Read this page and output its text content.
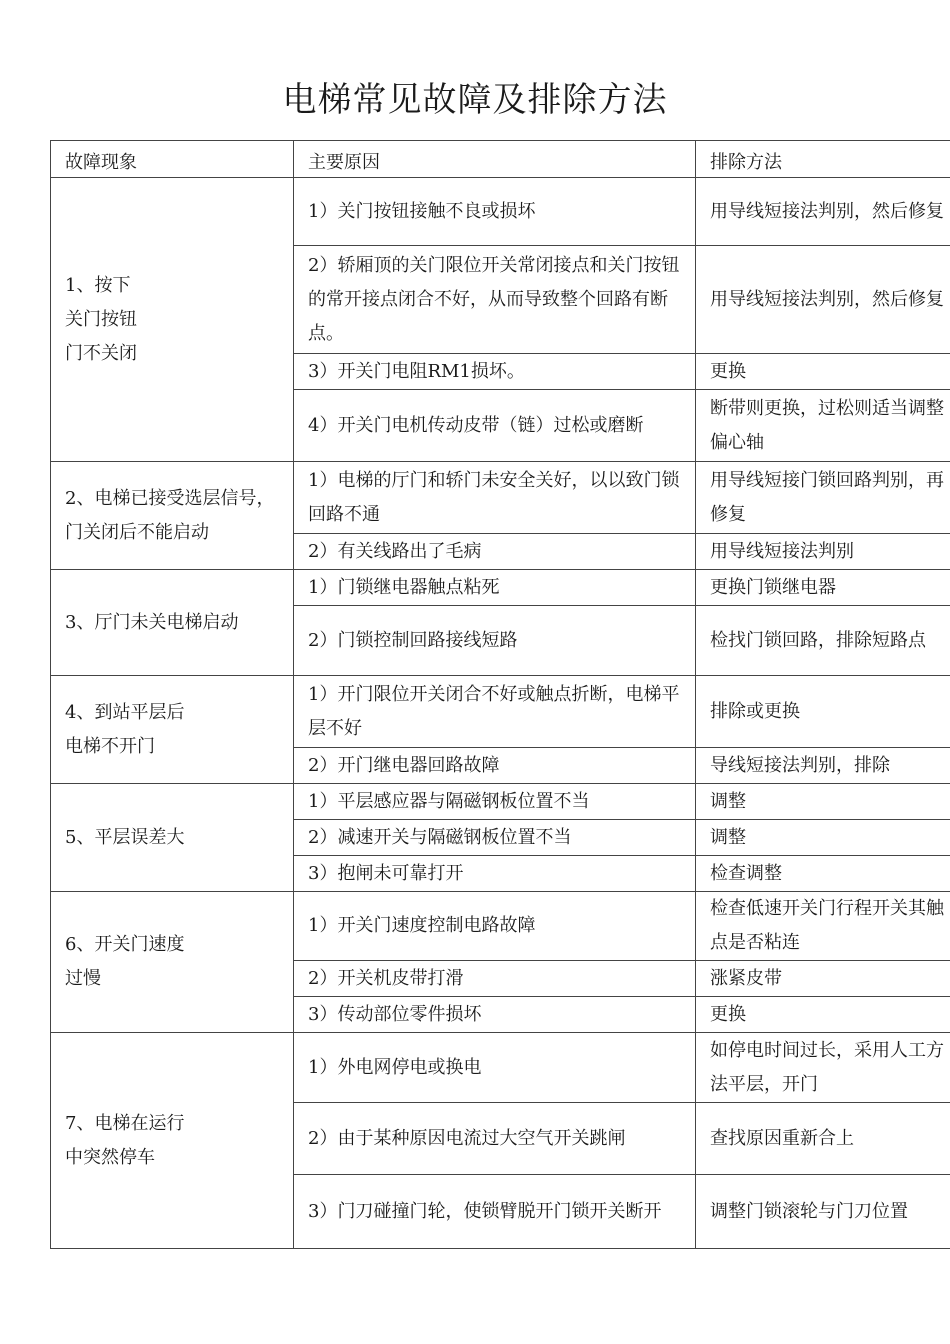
电梯常见故障及排除方法
故障现象	主要原因	排除方法
1、按下
关门按钮
门不关闭	1）关门按钮接触不良或损坏	用导线短接法判别，然后修复
	2）轿厢顶的关门限位开关常闭接点和关门按钮的常开接点闭合不好，从而导致整个回路有断点。	用导线短接法判别，然后修复
	3）开关门电阻RM1损坏。	更换
	4）开关门电机传动皮带（链）过松或磨断	断带则更换，过松则适当调整偏心轴
2、电梯已接受选层信号，门关闭后不能启动	1）电梯的厅门和轿门未安全关好，以以致门锁回路不通	用导线短接门锁回路判别，再修复
	2）有关线路出了毛病	用导线短接法判别
3、厅门未关电梯启动	1）门锁继电器触点粘死	更换门锁继电器
	2）门锁控制回路接线短路	检找门锁回路，排除短路点
4、到站平层后
电梯不开门	1）开门限位开关闭合不好或触点折断，电梯平层不好	排除或更换
	2）开门继电器回路故障	导线短接法判别，排除
5、平层误差大	1）平层感应器与隔磁钢板位置不当	调整
	2）减速开关与隔磁钢板位置不当	调整
	3）抱闸未可靠打开	检查调整
6、开关门速度
过慢	1）开关门速度控制电路故障	检查低速开关门行程开关其触点是否粘连
	2）开关机皮带打滑	涨紧皮带
	3）传动部位零件损坏	更换
7、电梯在运行
中突然停车	1）外电网停电或换电	如停电时间过长，采用人工方法平层，开门
	2）由于某种原因电流过大空气开关跳闸	查找原因重新合上
	3）门刀碰撞门轮，使锁臂脱开门锁开关断开	调整门锁滚轮与门刀位置
